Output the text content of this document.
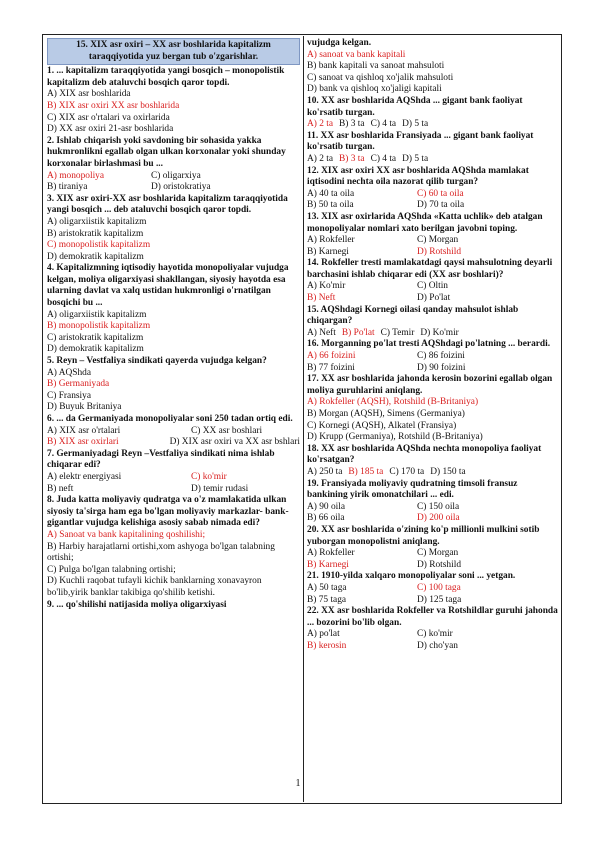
15. XIX asr oxiri – XX asr boshlarida kapitalizm
taraqqiyotida yuz bergan tub o'zgarishlar.
1. ... kapitalizm taraqqiyotida yangi bosqich – monopolistik kapitalizm deb ataluvchi bosqich qaror topdi.
A) XIX asr boshlarida
B) XIX asr oxiri XX asr boshlarida
C) XIX asr o'rtalari va oxirlarida
D) XX asr oxiri 21-asr boshlarida
2. Ishlab chiqarish yoki savdoning bir sohasida yakka hukmronlikni egallab olgan ulkan korxonalar yoki shunday korxonalar birlashmasi bu ...
A) monopoliya	C) oligarxiya
B) tiraniya	D) oristokratiya
3. XIX asr oxiri-XX asr boshlarida kapitalizm taraqqiyotida yangi bosqich ... deb ataluvchi bosqich qaror topdi.
A) oligarxiistik kapitalizm
B) aristokratik kapitalizm
C) monopolistik kapitalizm
D) demokratik kapitalizm
4. Kapitalizmning iqtisodiy hayotida monopoliyalar vujudga kelgan, moliya oligarxiyasi shakllangan, siyosiy hayotda esa ularning davlat va xalq ustidan hukmronligi o'rnatilgan bosqichi bu ...
A) oligarxiistik kapitalizm
B) monopolistik kapitalizm
C) aristokratik kapitalizm
D) demokratik kapitalizm
5. Reyn – Vestfaliya sindikati qayerda vujudga kelgan?
A) AQShda
B) Germaniyada
C) Fransiya
D) Buyuk Britaniya
6. ... da Germaniyada monopoliyalar soni 250 tadan ortiq edi.
A) XIX asr o'rtalari	C) XX asr boshlari
B) XIX asr oxirlari	D) XIX asr oxiri va XX asr bshlari
7. Germaniyadagi Reyn –Vestfaliya sindikati nima ishlab chiqarar edi?
A) elektr energiyasi	C) ko'mir
B) neft	D) temir rudasi
8. Juda katta moliyaviy qudratga va o'z mamlakatida ulkan siyosiy ta'sirga ham ega bo'lgan moliyaviy markazlar- bank-gigantlar vujudga kelishiga asosiy sabab nimada edi?
A) Sanoat va bank kapitalining qoshilishi;
B) Harbiy harajatlarni ortishi,xom ashyoga bo'lgan talabning ortishi;
C) Pulga bo'lgan talabning ortishi;
D) Kuchli raqobat tufayli kichik banklarning xonavayron bo'lib,yirik banklar takibiga qo'shilib ketishi.
9. ... qo'shilishi natijasida moliya oligarxiyasi
vujudga kelgan.
A) sanoat va bank kapitali
B) bank kapitali va sanoat mahsuloti
C) sanoat va qishloq xo'jalik mahsuloti
D) bank va qishloq xo'jaligi kapitali
10. XX asr boshlarida AQShda ... gigant bank faoliyat ko'rsatib turgan.
A) 2 ta B) 3 ta C) 4 ta D) 5 ta
11. XX asr boshlarida Fransiyada ... gigant bank faoliyat ko'rsatib turgan.
A) 2 ta B) 3 ta C) 4 ta D) 5 ta
12. XIX asr oxiri XX asr boshlarida AQShda mamlakat iqtisodini nechta oila nazorat qilib turgan?
A) 40 ta oila	C) 60 ta oila
B) 50 ta oila	D) 70 ta oila
13. XIX asr oxirlarida AQShda «Katta uchlik» deb atalgan monopoliyalar nomlari xato berilgan javobni toping.
A) Rokfeller	C) Morgan
B) Karnegi	D) Rotshild
14. Rokfeller tresti mamlakatdagi qaysi mahsulotning deyarli barchasini ishlab chiqarar edi (XX asr boshlari)?
A) Ko'mir	C) Oltin
B) Neft	D) Po'lat
15. AQShdagi Kornegi oilasi qanday mahsulot ishlab chiqargan?
A) Neft B) Po'lat C) Temir D) Ko'mir
16. Morganning po'lat tresti AQShdagi po'latning ... berardi.
A) 66 foizini	C) 86 foizini
B) 77 foizini	D) 90 foizini
17. XX asr boshlarida jahonda kerosin bozorini egallab olgan moliya guruhlarini aniqlang.
A) Rokfeller (AQSH), Rotshild (B-Britaniya)
B) Morgan (AQSH), Simens (Germaniya)
C) Kornegi (AQSH), Alkatel (Fransiya)
D) Krupp (Germaniya), Rotshild (B-Britaniya)
18. XX asr boshlarida AQShda nechta monopoliya faoliyat ko'rsatgan?
A) 250 ta B) 185 ta C) 170 ta D) 150 ta
19. Fransiyada moliyaviy qudratning timsoli fransuz bankining yirik omonatchilari ... edi.
A) 90 oila	C) 150 oila
B) 66 oila	D) 200 oila
20. XX asr boshlarida o'zining ko'p millionli mulkini sotib yuborgan monopolistni aniqlang.
A) Rokfeller	C) Morgan
B) Karnegi	D) Rotshild
21. 1910-yilda xalqaro monopoliyalar soni ... yetgan.
A) 50 taga	C) 100 taga
B) 75 taga	D) 125 taga
22. XX asr boshlarida Rokfeller va Rotshildlar guruhi jahonda ... bozorini bo'lib olgan.
A) po'lat	C) ko'mir
B) kerosin	D) cho'yan
1
